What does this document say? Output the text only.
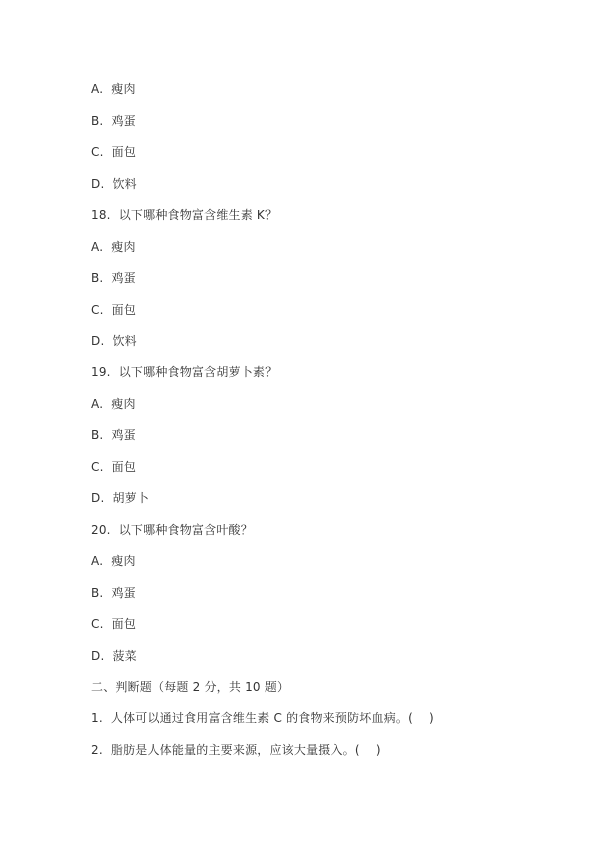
A.  瘦肉
B.  鸡蛋
C.  面包
D.  饮料
18.  以下哪种食物富含维生素 K？
A.  瘦肉
B.  鸡蛋
C.  面包
D.  饮料
19.  以下哪种食物富含胡萝卜素？
A.  瘦肉
B.  鸡蛋
C.  面包
D.  胡萝卜
20.  以下哪种食物富含叶酸？
A.  瘦肉
B.  鸡蛋
C.  面包
D.  菠菜
二、判断题（每题 2 分，共 10 题）
1.  人体可以通过食用富含维生素 C 的食物来预防坏血病。(    )
2.  脂肪是人体能量的主要来源，应该大量摄入。(    )
